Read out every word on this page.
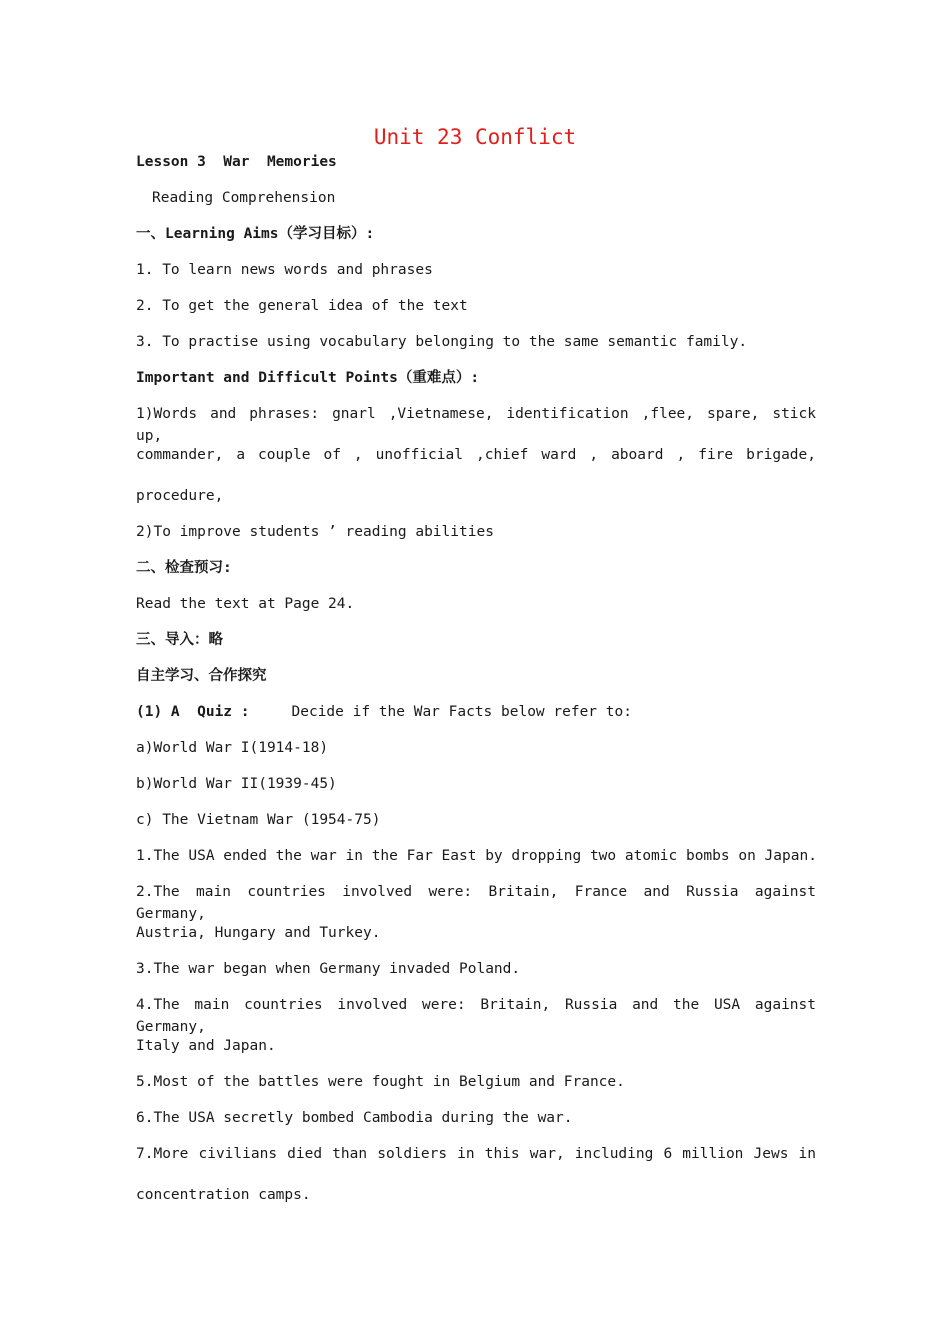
Unit 23 Conflict

Lesson 3  War  Memories

Reading Comprehension

一、Learning Aims（学习目标）:

1. To learn news words and phrases

2. To get the general idea of the text

3. To practise using vocabulary belonging to the same semantic family.

Important and Difficult Points（重难点）:

1)Words and phrases: gnarl ,Vietnamese, identification ,flee, spare, stick up,

commander, a couple of , unofficial ,chief ward , aboard , fire brigade,

procedure,

2)To improve students ’ reading abilities

二、检查预习:

Read the text at Page 24.

三、导入：略

自主学习、合作探究

(1) A  Quiz :	Decide if the War Facts below refer to:

a)World War I(1914-18)

b)World War II(1939-45)

c) The Vietnam War (1954-75)

1.The USA ended the war in the Far East by dropping two atomic bombs on Japan.

2.The main countries involved were: Britain, France and Russia against Germany,

Austria, Hungary and Turkey.

3.The war began when Germany invaded Poland.

4.The main countries involved were: Britain, Russia and the USA against Germany,

Italy and Japan.

5.Most of the battles were fought in Belgium and France.

6.The USA secretly bombed Cambodia during the war.

7.More civilians died than soldiers in this war, including 6 million Jews in

concentration camps.
